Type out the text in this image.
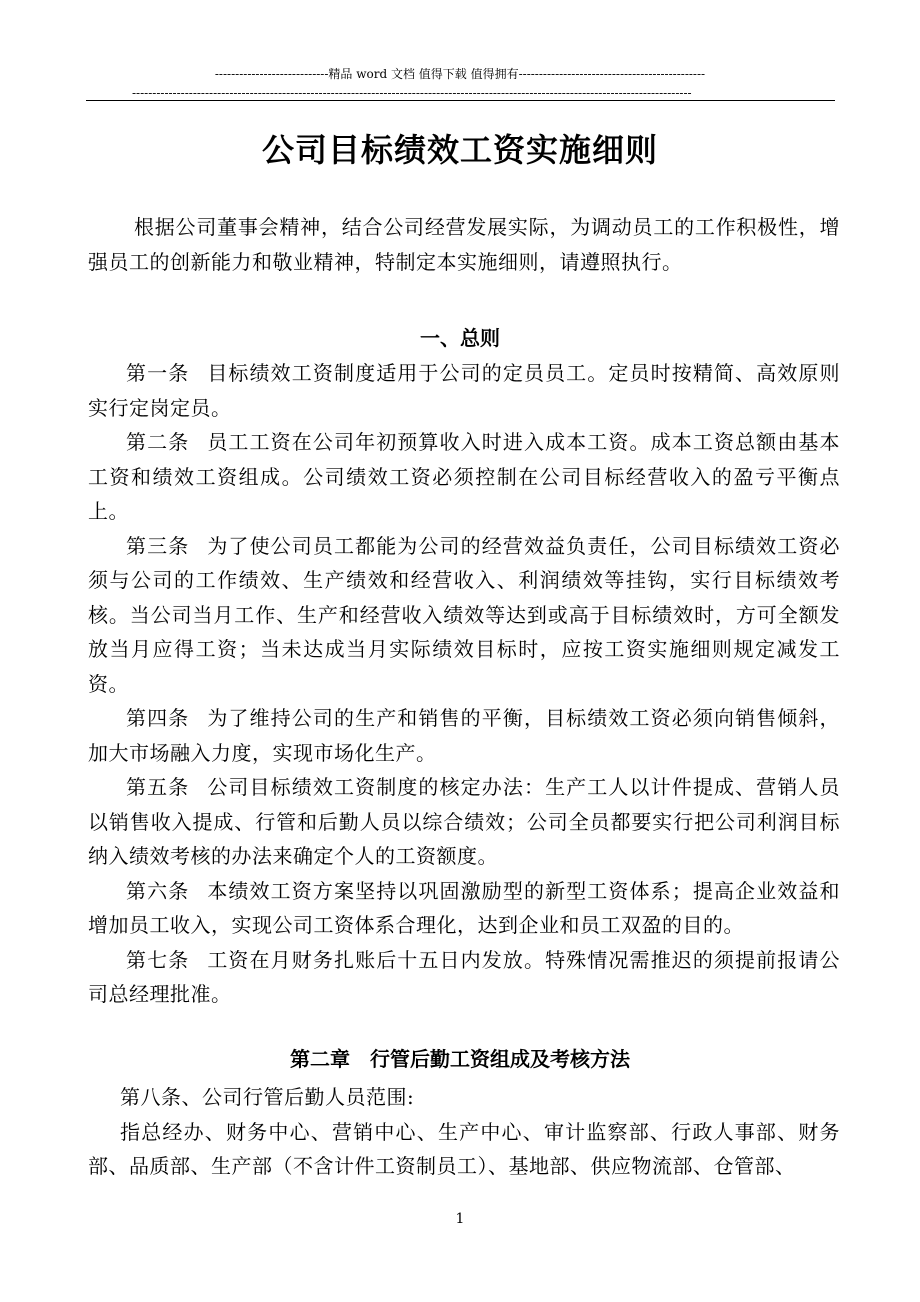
----------------------------精品 word 文档 值得下载 值得拥有----------------------------------------------
------------------------------------------------------------------------------------------------------------------------------------------
公司目标绩效工资实施细则

根据公司董事会精神，结合公司经营发展实际，为调动员工的工作积极性，增强员工的创新能力和敬业精神，特制定本实施细则，请遵照执行。

一、总则

第一条 目标绩效工资制度适用于公司的定员员工。定员时按精简、高效原则实行定岗定员。

第二条 员工工资在公司年初预算收入时进入成本工资。成本工资总额由基本工资和绩效工资组成。公司绩效工资必须控制在公司目标经营收入的盈亏平衡点上。

第三条 为了使公司员工都能为公司的经营效益负责任，公司目标绩效工资必须与公司的工作绩效、生产绩效和经营收入、利润绩效等挂钩，实行目标绩效考核。当公司当月工作、生产和经营收入绩效等达到或高于目标绩效时，方可全额发放当月应得工资；当未达成当月实际绩效目标时，应按工资实施细则规定减发工资。

第四条 为了维持公司的生产和销售的平衡，目标绩效工资必须向销售倾斜，加大市场融入力度，实现市场化生产。

第五条 公司目标绩效工资制度的核定办法：生产工人以计件提成、营销人员以销售收入提成、行管和后勤人员以综合绩效；公司全员都要实行把公司利润目标纳入绩效考核的办法来确定个人的工资额度。

第六条 本绩效工资方案坚持以巩固激励型的新型工资体系；提高企业效益和增加员工收入，实现公司工资体系合理化，达到企业和员工双盈的目的。

第七条 工资在月财务扎账后十五日内发放。特殊情况需推迟的须提前报请公司总经理批准。

第二章　行管后勤工资组成及考核方法

第八条、公司行管后勤人员范围:

指总经办、财务中心、营销中心、生产中心、审计监察部、行政人事部、财务部、品质部、生产部（不含计件工资制员工）、基地部、供应物流部、仓管部、

1
